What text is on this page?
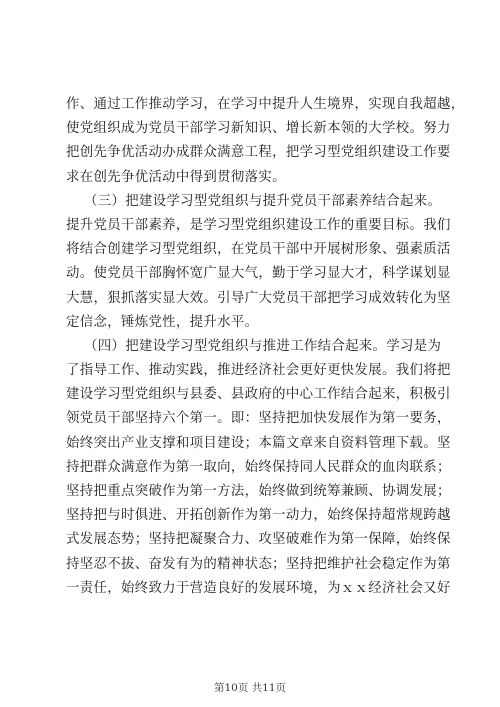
作、通过工作推动学习，在学习中提升人生境界，实现自我超越，
使党组织成为党员干部学习新知识、增长新本领的大学校。努力
把创先争优活动办成群众满意工程，把学习型党组织建设工作要
求在创先争优活动中得到贯彻落实。
（三）把建设学习型党组织与提升党员干部素养结合起来。
提升党员干部素养，是学习型党组织建设工作的重要目标。我们
将结合创建学习型党组织，在党员干部中开展树形象、强素质活
动。使党员干部胸怀宽广显大气，勤于学习显大才，科学谋划显
大慧，狠抓落实显大效。引导广大党员干部把学习成效转化为坚
定信念，锤炼党性，提升水平。
（四）把建设学习型党组织与推进工作结合起来。学习是为
了指导工作、推动实践，推进经济社会更好更快发展。我们将把
建设学习型党组织与县委、县政府的中心工作结合起来，积极引
领党员干部坚持六个第一。即：坚持把加快发展作为第一要务，
始终突出产业支撑和项目建设；本篇文章来自资料管理下载。坚
持把群众满意作为第一取向，始终保持同人民群众的血肉联系；
坚持把重点突破作为第一方法，始终做到统筹兼顾、协调发展；
坚持把与时俱进、开拓创新作为第一动力，始终保持超常规跨越
式发展态势；坚持把凝聚合力、攻坚破难作为第一保障，始终保
持坚忍不拔、奋发有为的精神状态；坚持把维护社会稳定作为第
一责任，始终致力于营造良好的发展环境，为ｘｘ经济社会又好
第10页 共11页
